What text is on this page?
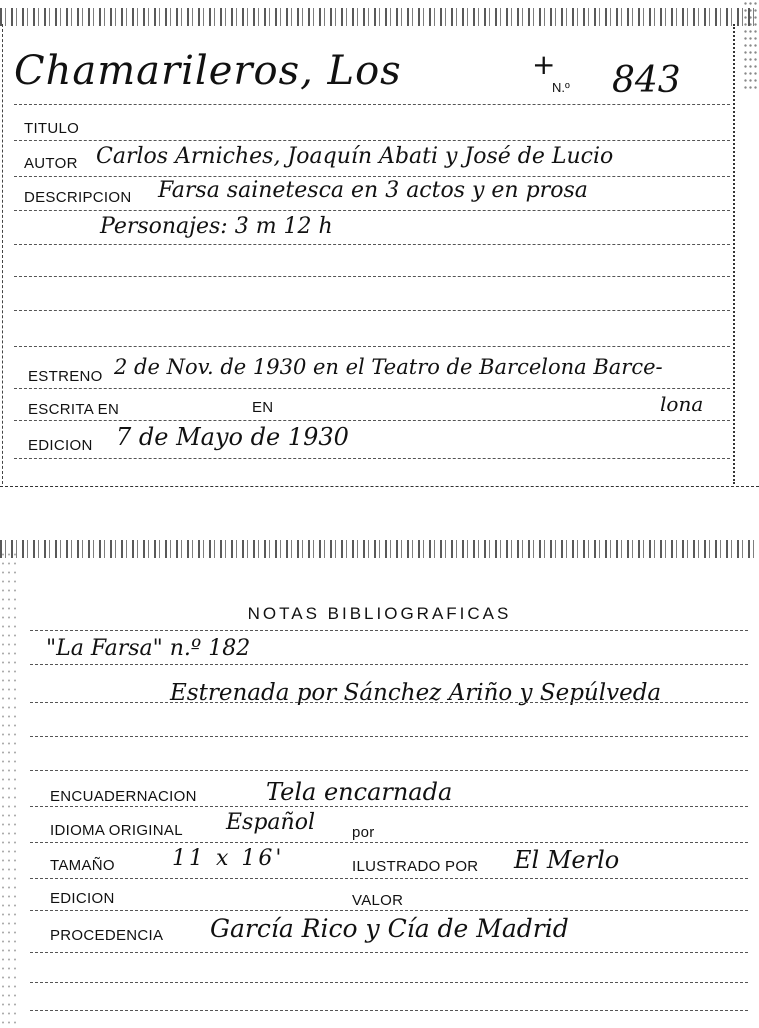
Chamarileros, Los	+
N.º 843
TITULO
AUTOR Carlos Arniches, Joaquín Abati y José de Lucio
DESCRIPCION Farsa sainetesca en 3 actos y en prosa
Personajes: 3 m 12 h
ESTRENO 2 de Nov. de 1930 en el Teatro de Barcelona Barce-
ESCRITA EN	EN	lona
EDICION 7 de Mayo de 1930
NOTAS BIBLIOGRAFICAS
"La Farsa" n.º 182
Estrenada por Sánchez Ariño y Sepúlveda
ENCUADERNACION	Tela encarnada
IDIOMA ORIGINAL Español por
TAMAÑO	11 x 16'	ILUSTRADO POR El Merlo
EDICION	VALOR
PROCEDENCIA García Rico y Cía de Madrid
